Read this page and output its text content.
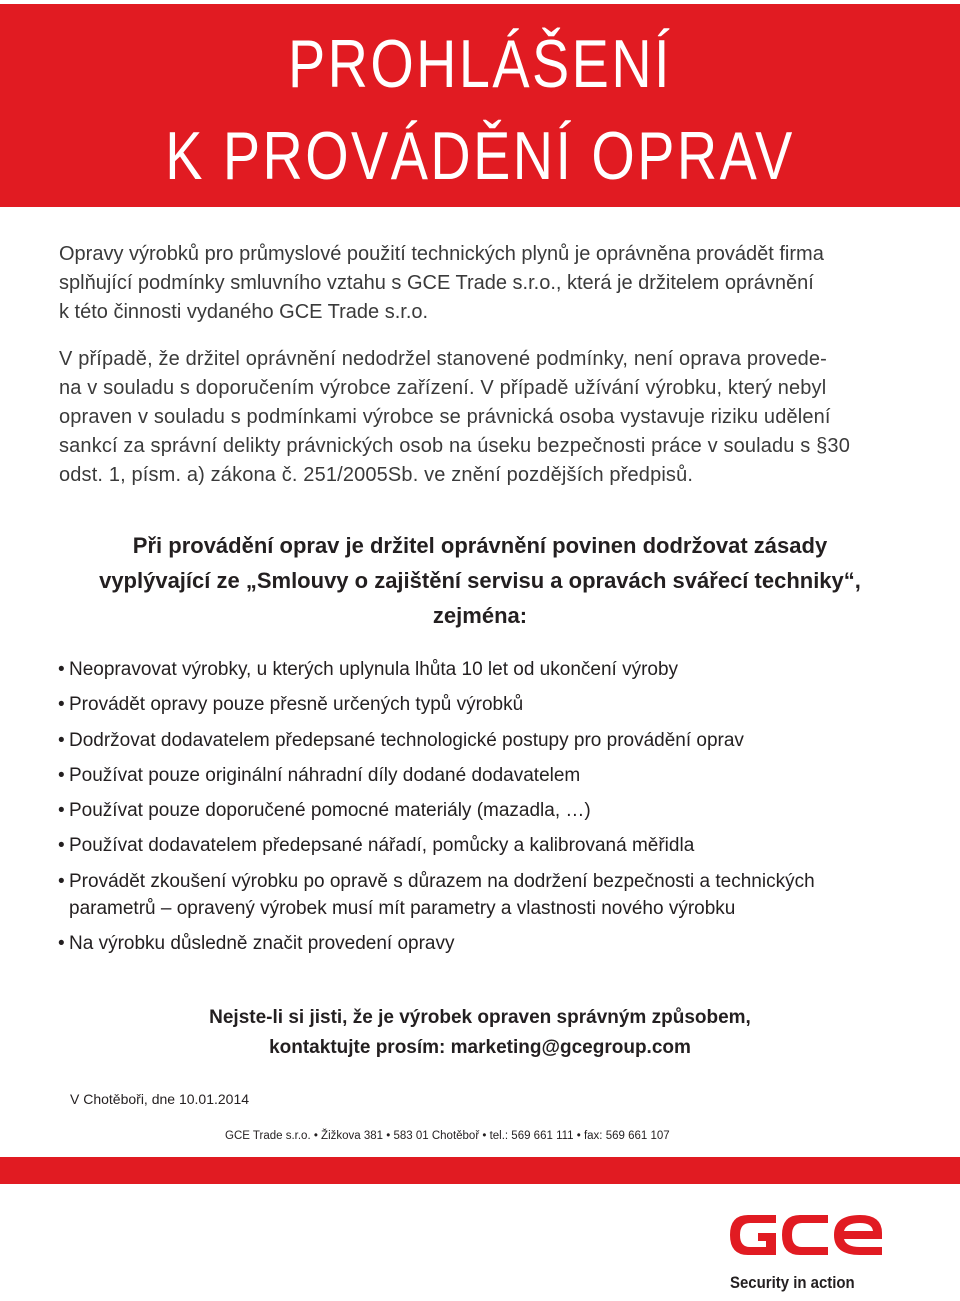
PROHLÁŠENÍ
K PROVÁDĚNÍ OPRAV

Opravy výrobků pro průmyslové použití technických plynů je oprávněna provádět firma
splňující podmínky smluvního vztahu s GCE Trade s.r.o., která je držitelem oprávnění
k této činnosti vydaného GCE Trade s.r.o.

V případě, že držitel oprávnění nedodržel stanovené podmínky, není oprava provede-
na v souladu s doporučením výrobce zařízení. V případě užívání výrobku, který nebyl
opraven v souladu s podmínkami výrobce se právnická osoba vystavuje riziku udělení
sankcí za správní delikty právnických osob na úseku bezpečnosti práce v souladu s §30
odst. 1, písm. a) zákona č. 251/2005Sb. ve znění pozdějších předpisů.

Při provádění oprav je držitel oprávnění povinen dodržovat zásady
vyplývající ze „Smlouvy o zajištění servisu a opravách svářecí techniky“,
zejména:
• Neopravovat výrobky, u kterých uplynula lhůta 10 let od ukončení výroby
• Provádět opravy pouze přesně určených typů výrobků
• Dodržovat dodavatelem předepsané technologické postupy pro provádění oprav
• Používat pouze originální náhradní díly dodané dodavatelem
• Používat pouze doporučené pomocné materiály (mazadla, …)
• Používat dodavatelem předepsané nářadí, pomůcky a kalibrovaná měřidla
• Provádět zkoušení výrobku po opravě s důrazem na dodržení bezpečnosti a technických
parametrů – opravený výrobek musí mít parametry a vlastnosti nového výrobku
• Na výrobku důsledně značit provedení opravy
Nejste-li si jisti, že je výrobek opraven správným způsobem,
kontaktujte prosím: marketing@gcegroup.com
V Chotěboři, dne 10.01.2014
GCE Trade s.r.o. • Žižkova 381 • 583 01 Chotěboř • tel.: 569 661 111 • fax: 569 661 107
Security in action
